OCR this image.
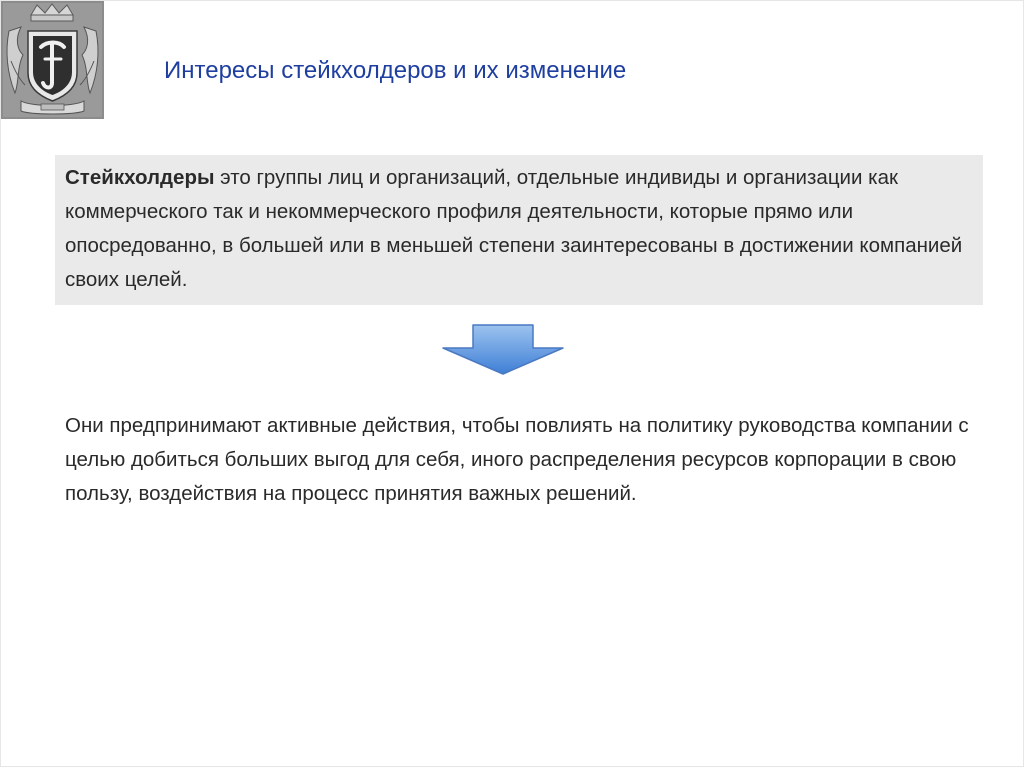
Интересы стейкхолдеров и их изменение
Стейкхолдеры это группы лиц и организаций, отдельные индивиды и организации как коммерческого так и некоммерческого профиля деятельности, которые прямо или опосредованно, в большей или в меньшей степени заинтересованы в достижении компанией своих целей.
Они предпринимают активные действия, чтобы повлиять на политику руководства компании с целью добиться больших выгод для себя, иного распределения ресурсов корпорации в свою пользу, воздействия на процесс принятия важных решений.
